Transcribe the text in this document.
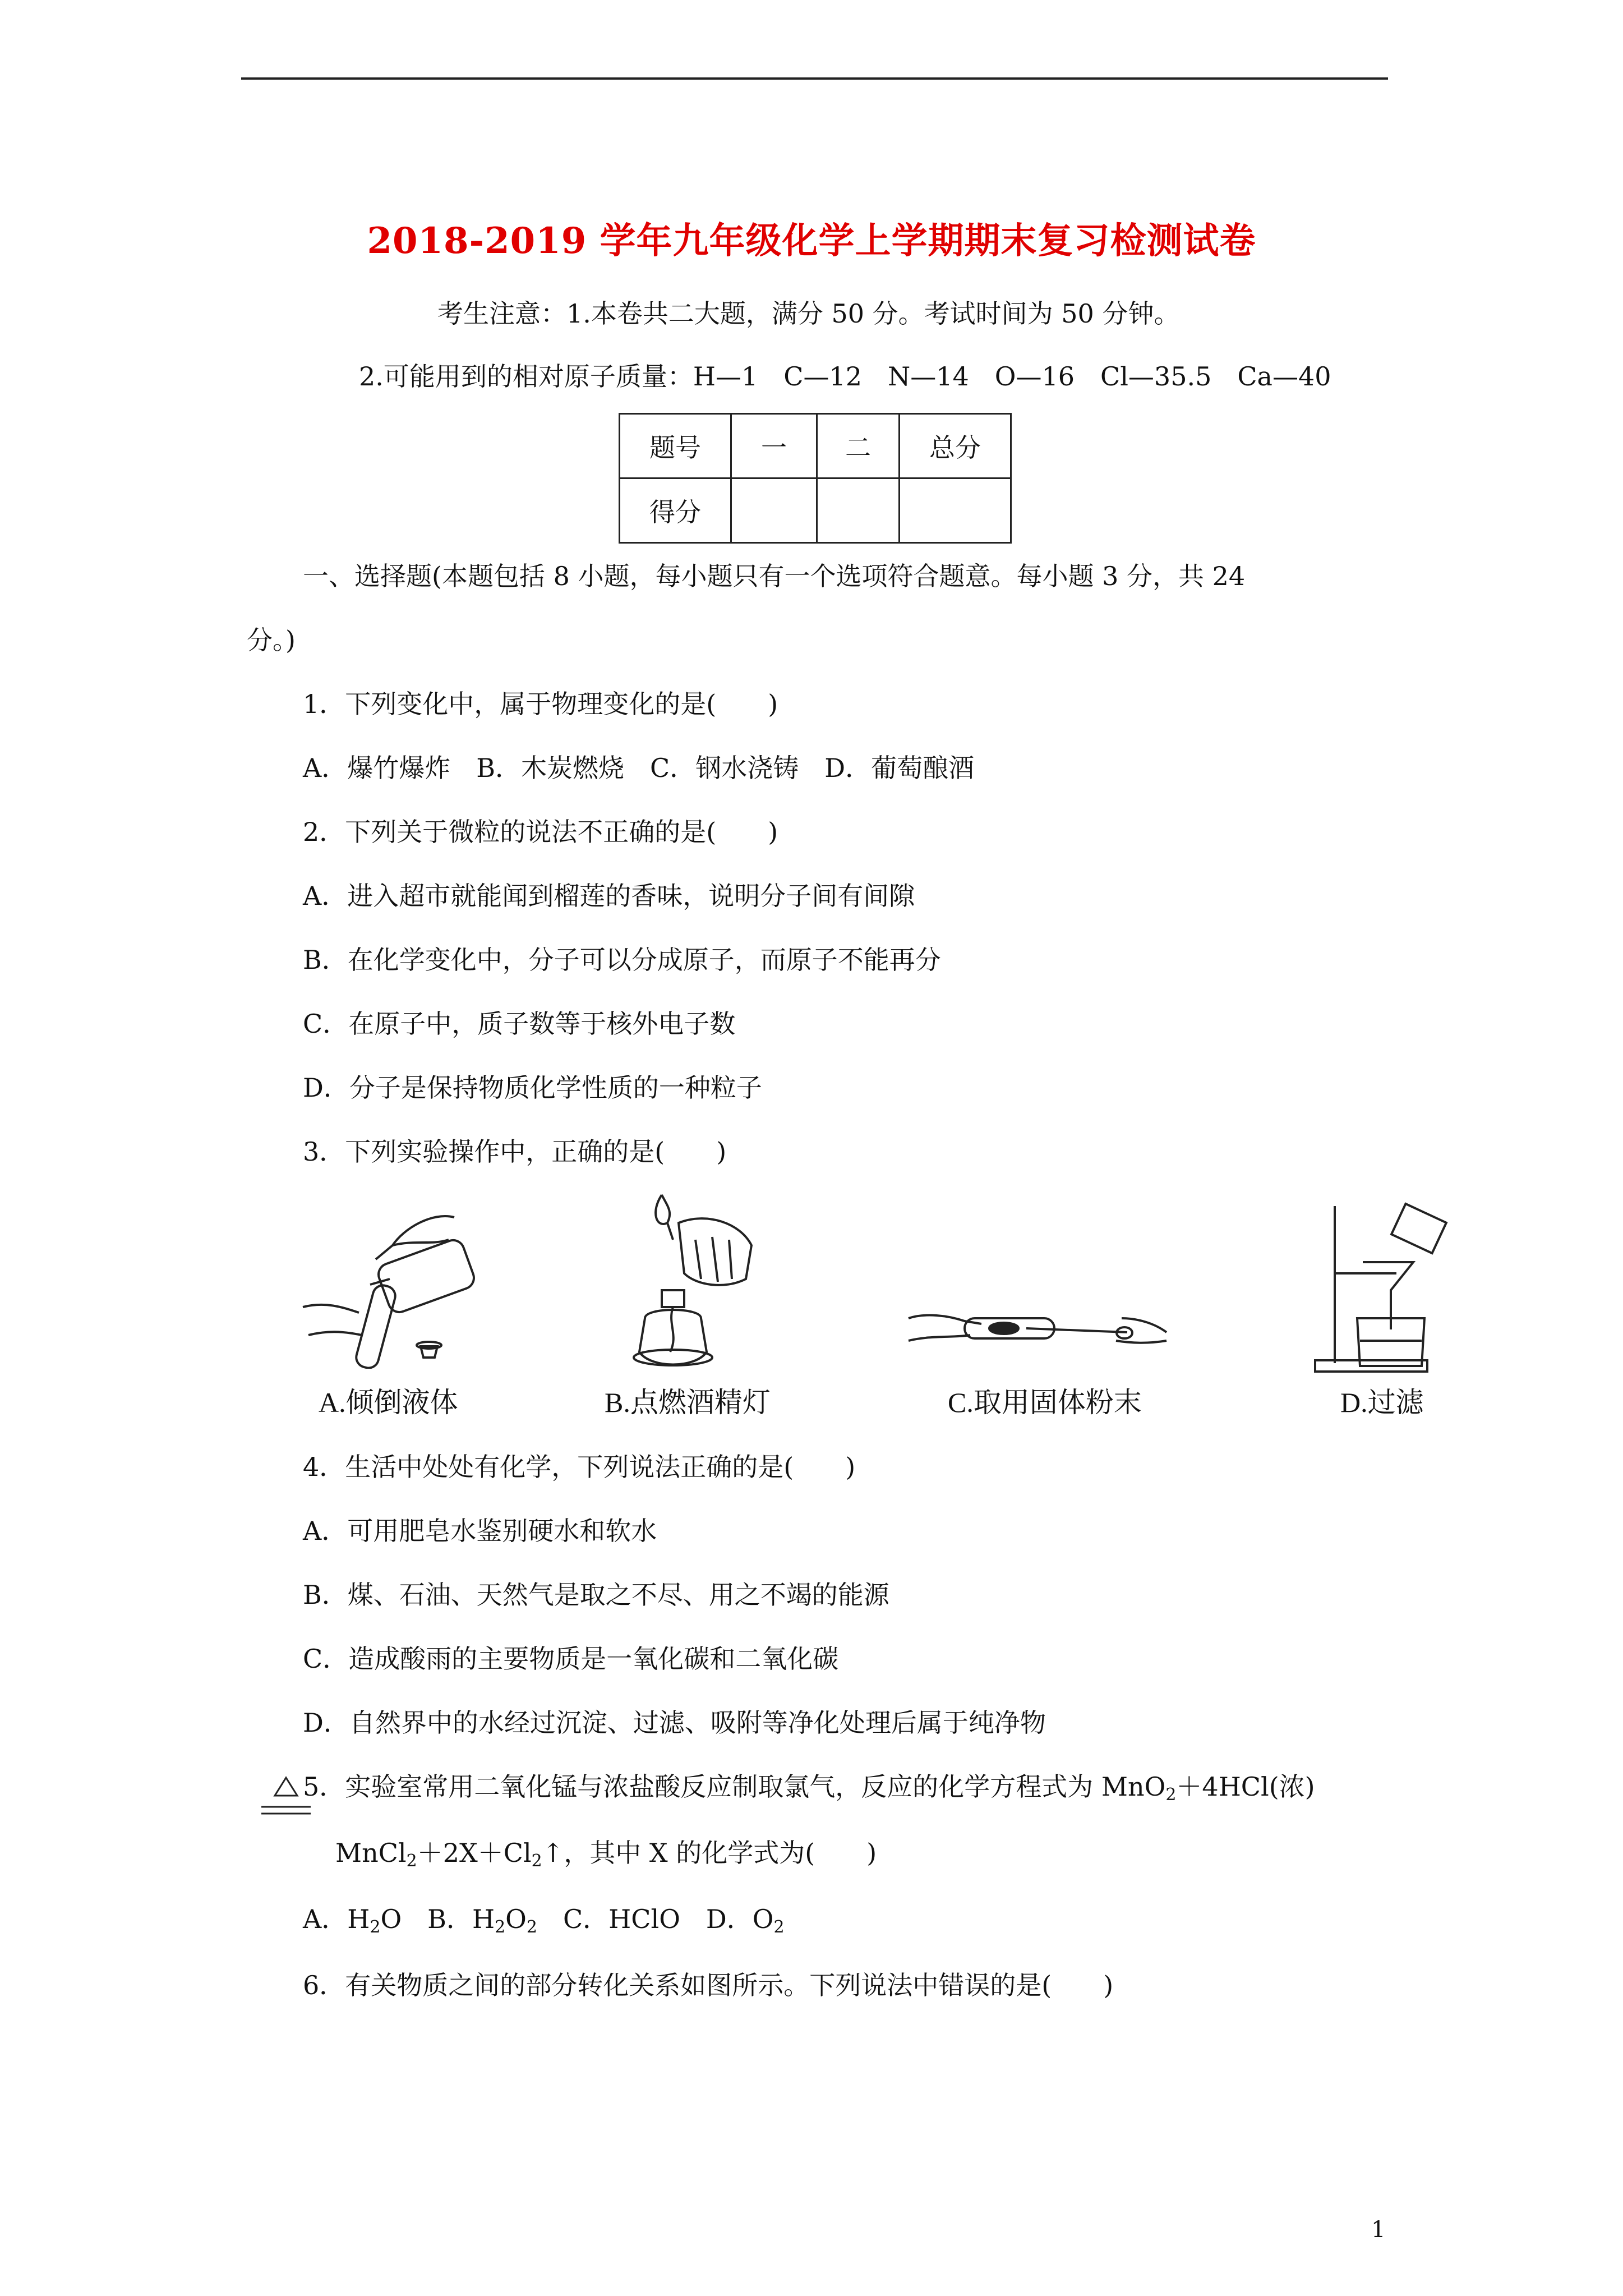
2018-2019 学年九年级化学上学期期末复习检测试卷
考生注意：1.本卷共二大题，满分 50 分。考试时间为 50 分钟。
2.可能用到的相对原子质量：H—1　C—12　N—14　O—16　Cl—35.5　Ca—40
题号	一	二	总分
得分			
一、选择题(本题包括 8 小题，每小题只有一个选项符合题意。每小题 3 分，共 24
分。)
1．下列变化中，属于物理变化的是(　　)
A．爆竹爆炸　B．木炭燃烧　C．钢水浇铸　D．葡萄酿酒
2．下列关于微粒的说法不正确的是(　　)
A．进入超市就能闻到榴莲的香味，说明分子间有间隙
B．在化学变化中，分子可以分成原子，而原子不能再分
C．在原子中，质子数等于核外电子数
D．分子是保持物质化学性质的一种粒子
3．下列实验操作中，正确的是(　　)
A.倾倒液体	B.点燃酒精灯	C.取用固体粉末	D.过滤
4．生活中处处有化学，下列说法正确的是(　　)
A．可用肥皂水鉴别硬水和软水
B．煤、石油、天然气是取之不尽、用之不竭的能源
C．造成酸雨的主要物质是一氧化碳和二氧化碳
D．自然界中的水经过沉淀、过滤、吸附等净化处理后属于纯净物
5．实验室常用二氧化锰与浓盐酸反应制取氯气，反应的化学方程式为 MnO$_2$＋4HCl(浓)
$MnCl_2+2X+Cl_2↑$，其中 X 的化学式为(　　)
A．$H_2O$　B．$H_2O_2$　C．HClO　D．$O_2$
6．有关物质之间的部分转化关系如图所示。下列说法中错误的是(　　)
1
